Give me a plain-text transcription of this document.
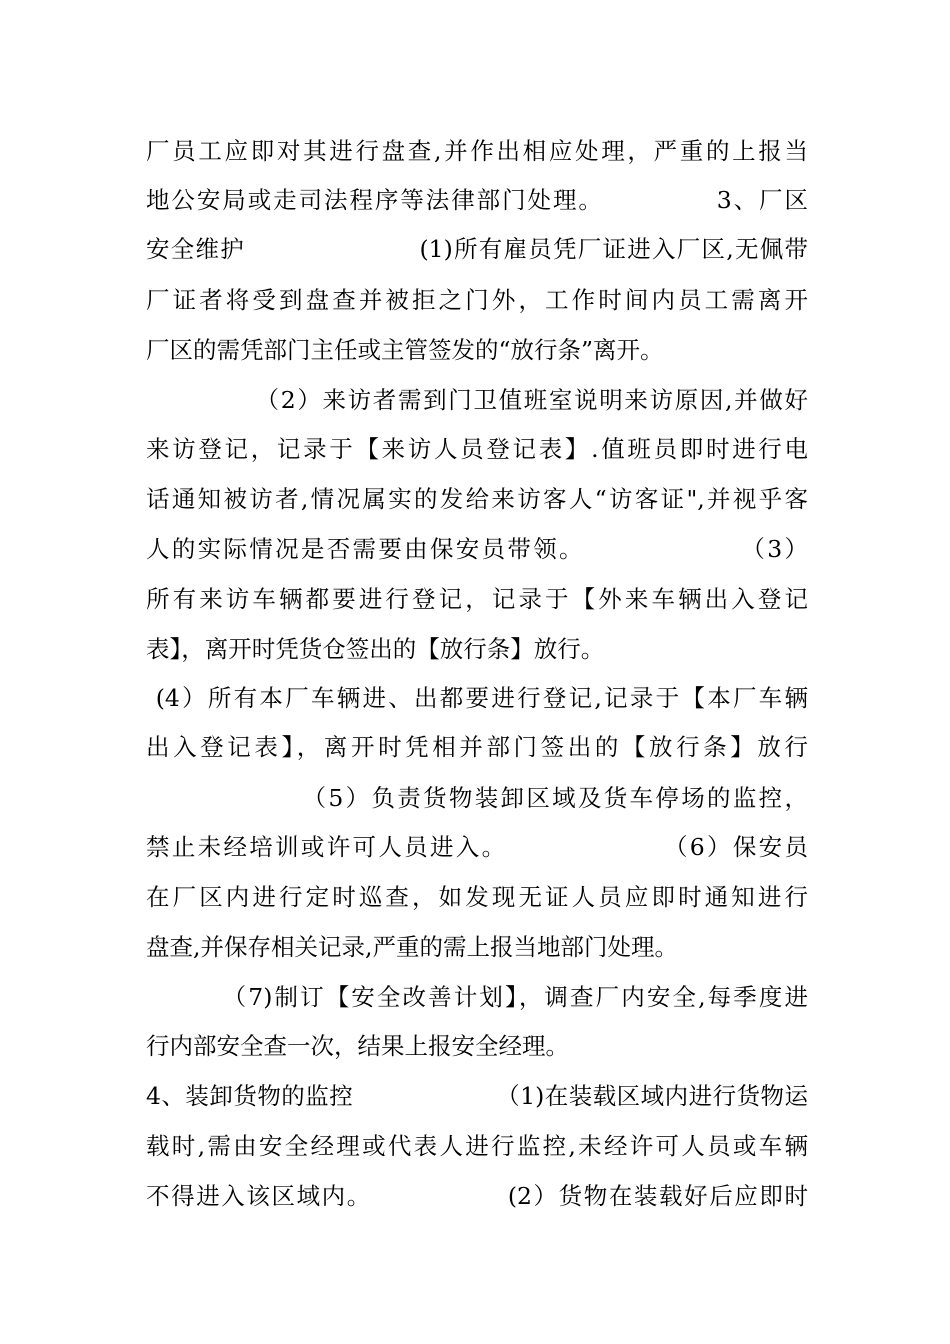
厂员工应即对其进行盘查,并作出相应处理，严重的上报当
地公安局或走司法程序等法律部门处理。            3、厂区
安全维护                    (1)所有雇员凭厂证进入厂区,无佩带
厂证者将受到盘查并被拒之门外，工作时间内员工需离开
厂区的需凭部门主任或主管签发的“放行条”离开。
（2）来访者需到门卫值班室说明来访原因,并做好
来访登记，记录于【来访人员登记表】.值班员即时进行电
话通知被访者,情况属实的发给来访客人“访客证",并视乎客
人的实际情况是否需要由保安员带领。                （3）
所有来访车辆都要进行登记，记录于【外来车辆出入登记
表】，离开时凭货仓签出的【放行条】放行。
(4）所有本厂车辆进、出都要进行登记,记录于【本厂车辆
出入登记表】，离开时凭相并部门签出的【放行条】放行
（5）负责货物装卸区域及货车停场的监控，
禁止未经培训或许可人员进入。                （6）保安员
在厂区内进行定时巡查，如发现无证人员应即时通知进行
盘查,并保存相关记录,严重的需上报当地部门处理。
（7)制订【安全改善计划】，调查厂内安全,每季度进
行内部安全查一次，结果上报安全经理。
4、装卸货物的监控                  （1)在装载区域内进行货物运
载时,需由安全经理或代表人进行监控,未经许可人员或车辆
不得进入该区域内。               (2）货物在装载好后应即时
